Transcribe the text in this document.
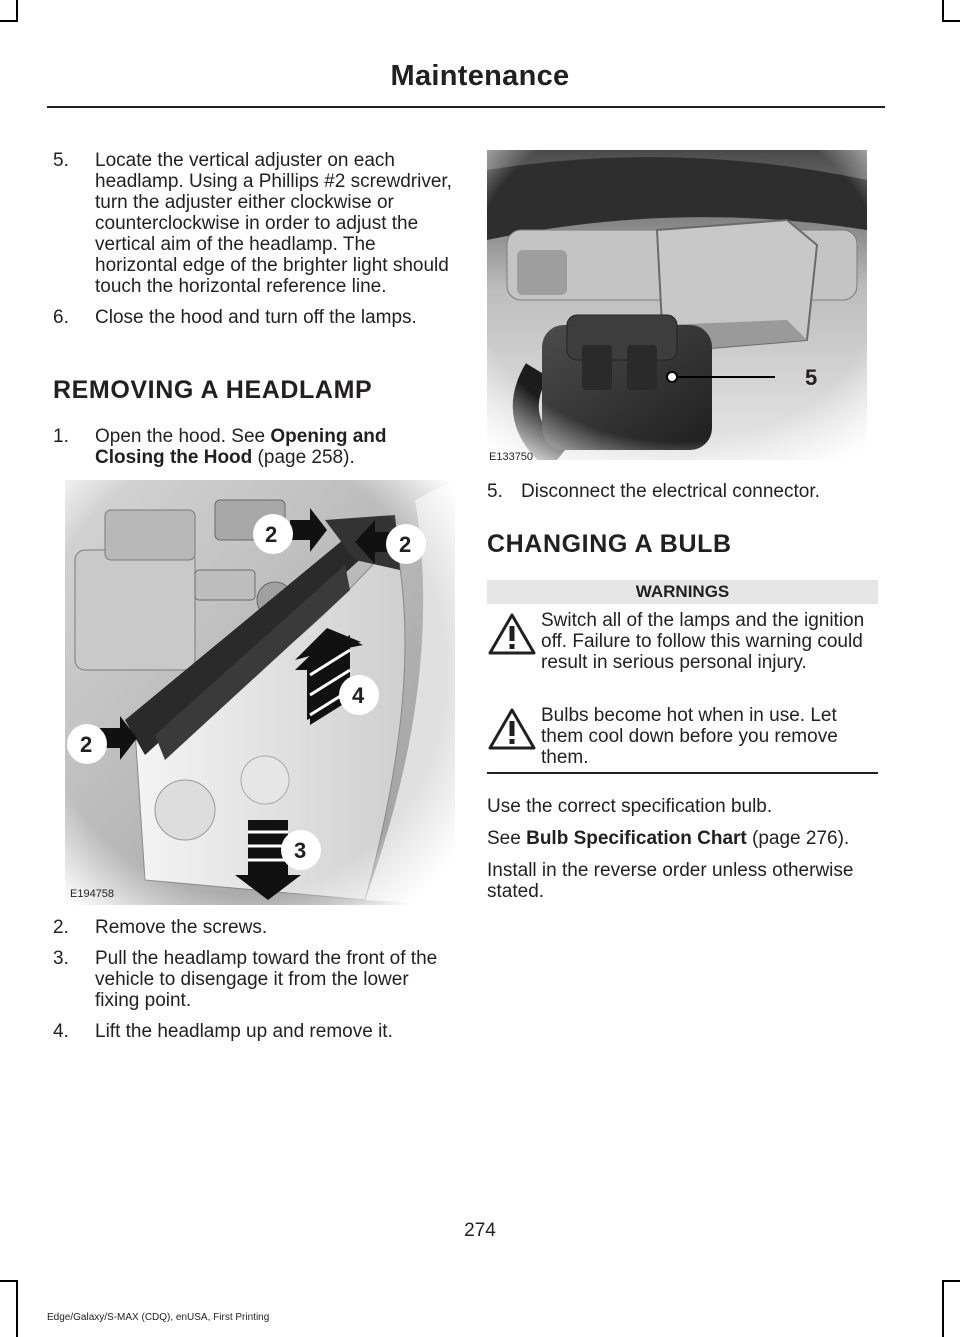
Maintenance
5. Locate the vertical adjuster on each headlamp. Using a Phillips #2 screwdriver, turn the adjuster either clockwise or counterclockwise in order to adjust the vertical aim of the headlamp. The horizontal edge of the brighter light should touch the horizontal reference line.
6. Close the hood and turn off the lamps.
REMOVING A HEADLAMP
1. Open the hood. See Opening and Closing the Hood (page 258).
2	2
2
4
3
E194758
2. Remove the screws.
3. Pull the headlamp toward the front of the vehicle to disengage it from the lower fixing point.
4. Lift the headlamp up and remove it.
5
E133750
5. Disconnect the electrical connector.
CHANGING A BULB
WARNINGS
Switch all of the lamps and the ignition off. Failure to follow this warning could result in serious personal injury.
Bulbs become hot when in use. Let them cool down before you remove them.

Use the correct specification bulb.

See Bulb Specification Chart (page 276).

Install in the reverse order unless otherwise stated.

274
Edge/Galaxy/S-MAX (CDQ), enUSA, First Printing
